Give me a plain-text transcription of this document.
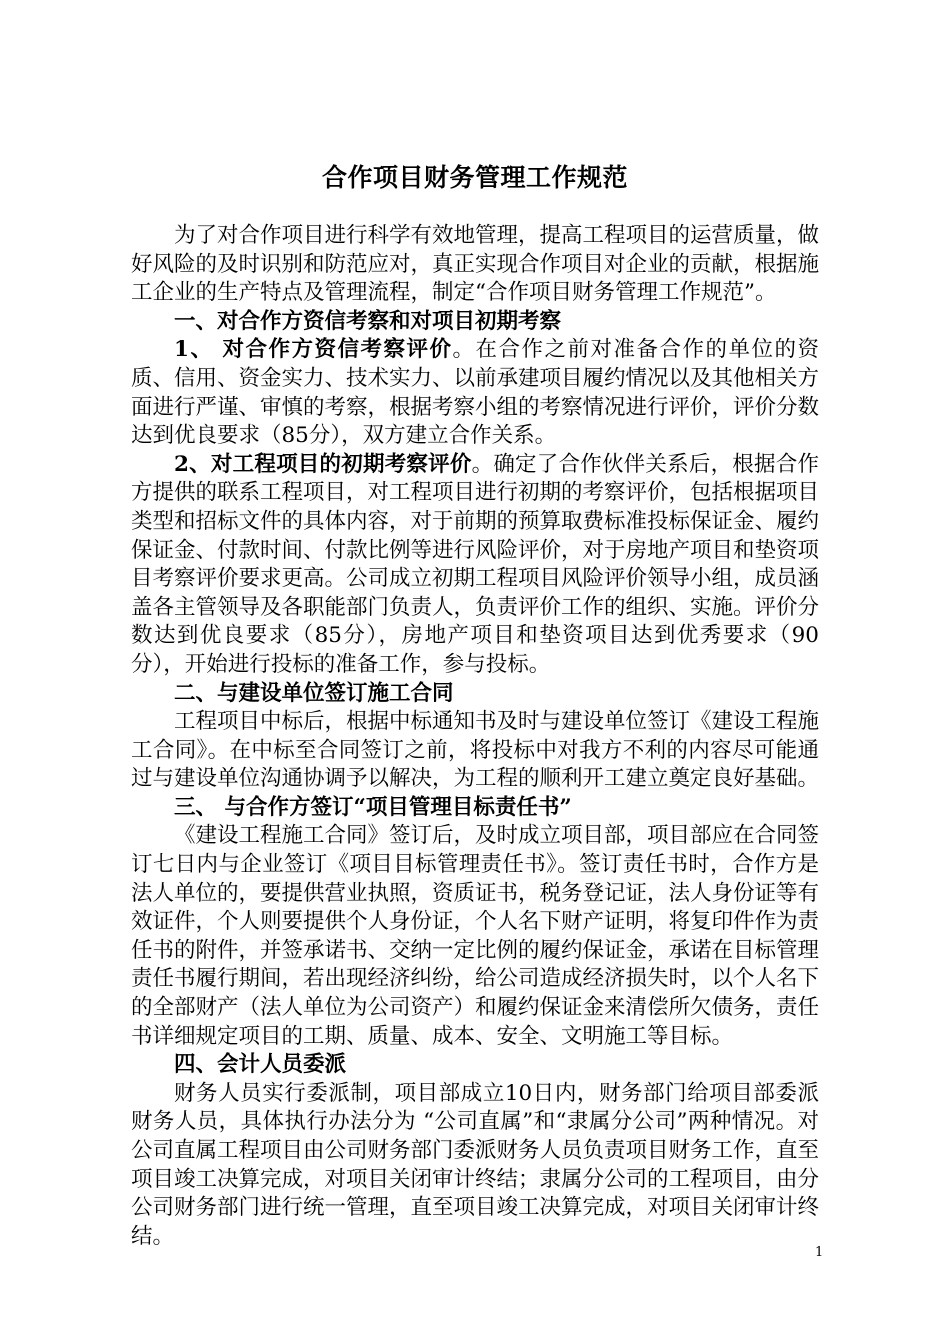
合作项目财务管理工作规范
为了对合作项目进行科学有效地管理，提高工程项目的运营质量，做好风险的及时识别和防范应对，真正实现合作项目对企业的贡献，根据施工企业的生产特点及管理流程，制定“合作项目财务管理工作规范”。
一、对合作方资信考察和对项目初期考察
1、 对合作方资信考察评价。在合作之前对准备合作的单位的资质、信用、资金实力、技术实力、以前承建项目履约情况以及其他相关方面进行严谨、审慎的考察，根据考察小组的考察情况进行评价，评价分数达到优良要求（85分），双方建立合作关系。
2、对工程项目的初期考察评价。确定了合作伙伴关系后，根据合作方提供的联系工程项目，对工程项目进行初期的考察评价，包括根据项目类型和招标文件的具体内容，对于前期的预算取费标准投标保证金、履约保证金、付款时间、付款比例等进行风险评价，对于房地产项目和垫资项目考察评价要求更高。公司成立初期工程项目风险评价领导小组，成员涵盖各主管领导及各职能部门负责人，负责评价工作的组织、实施。评价分数达到优良要求（85分），房地产项目和垫资项目达到优秀要求（90分），开始进行投标的准备工作，参与投标。
二、与建设单位签订施工合同
工程项目中标后，根据中标通知书及时与建设单位签订《建设工程施工合同》。在中标至合同签订之前，将投标中对我方不利的内容尽可能通过与建设单位沟通协调予以解决，为工程的顺利开工建立奠定良好基础。
三、 与合作方签订“项目管理目标责任书”
《建设工程施工合同》签订后，及时成立项目部，项目部应在合同签订七日内与企业签订《项目目标管理责任书》。签订责任书时，合作方是法人单位的，要提供营业执照，资质证书，税务登记证，法人身份证等有效证件，个人则要提供个人身份证，个人名下财产证明，将复印件作为责任书的附件，并签承诺书、交纳一定比例的履约保证金，承诺在目标管理责任书履行期间，若出现经济纠纷，给公司造成经济损失时，以个人名下的全部财产（法人单位为公司资产）和履约保证金来清偿所欠债务，责任书详细规定项目的工期、质量、成本、安全、文明施工等目标。
四、会计人员委派
财务人员实行委派制，项目部成立10日内，财务部门给项目部委派财务人员，具体执行办法分为 “公司直属”和“隶属分公司”两种情况。对公司直属工程项目由公司财务部门委派财务人员负责项目财务工作，直至项目竣工决算完成，对项目关闭审计终结；隶属分公司的工程项目，由分公司财务部门进行统一管理，直至项目竣工决算完成，对项目关闭审计终结。
1
